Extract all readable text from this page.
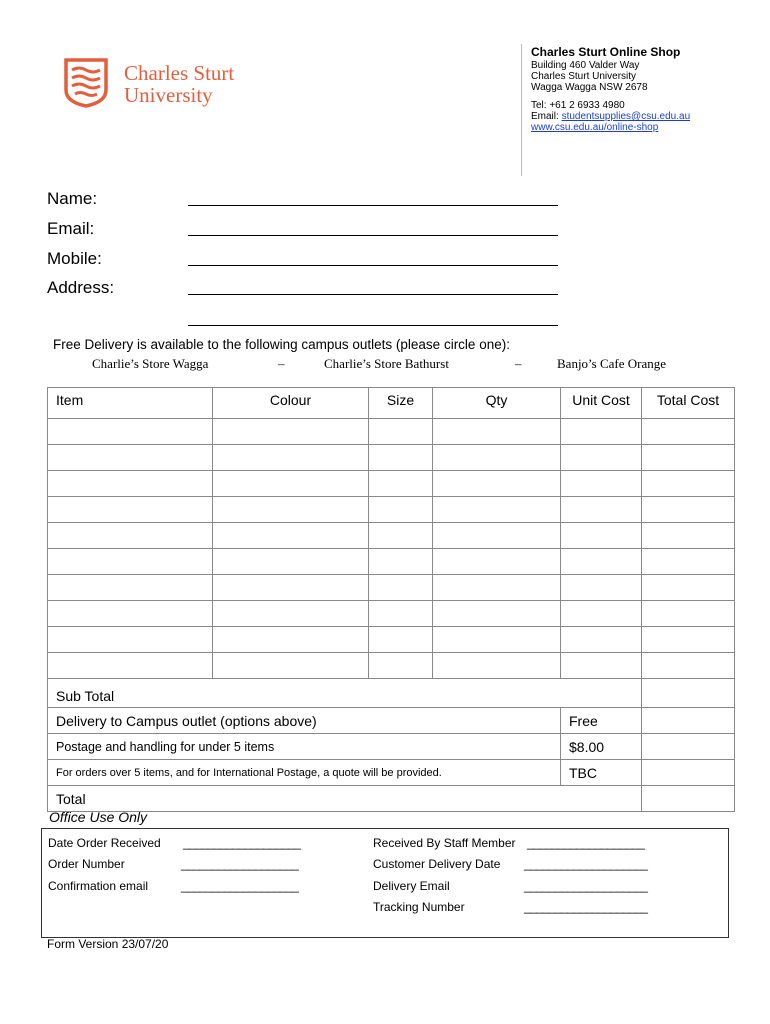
Charles Sturt
University
Charles Sturt Online Shop
Building 460 Valder Way
Charles Sturt University
Wagga Wagga NSW 2678
Tel: +61 2 6933 4980
Email: studentsupplies@csu.edu.au
www.csu.edu.au/online-shop
Name:
Email:
Mobile:
Address:
Free Delivery is available to the following campus outlets (please circle one):
Charlie’s Store Wagga	–	Charlie’s Store Bathurst	–	Banjo’s Cafe Orange
Item	Colour	Size	Qty	Unit Cost	Total Cost

Sub Total					
Delivery to Campus outlet (options above)				Free	
Postage and handling for under 5 items				$8.00	
For orders over 5 items, and for International Postage, a quote will be provided.				TBC	
Total					
Office Use Only
Date Order Received ___________________
Order Number	___________________
Confirmation email	___________________
Received By Staff Member ___________________
Customer Delivery Date ____________________
Delivery Email	____________________
Tracking Number	____________________
Form Version 23/07/20
